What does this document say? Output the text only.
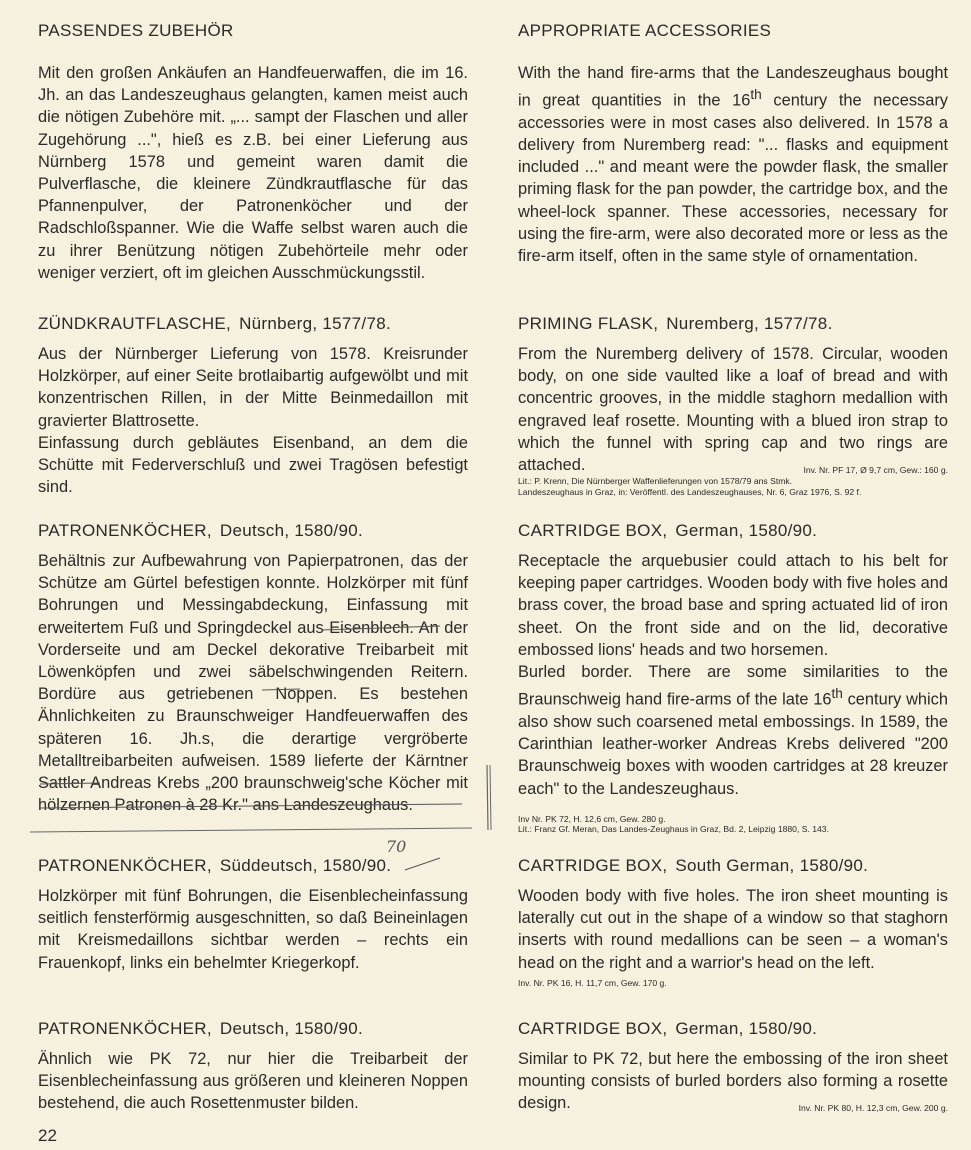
PASSENDES ZUBEHÖR
Mit den großen Ankäufen an Handfeuerwaffen, die im 16. Jh. an das Landeszeughaus gelangten, kamen meist auch die nötigen Zubehöre mit. „... sampt der Flaschen und aller Zugehörung ...", hieß es z.B. bei einer Lieferung aus Nürnberg 1578 und gemeint waren damit die Pulverflasche, die kleinere Zündkrautflasche für das Pfannenpulver, der Patronenköcher und der Radschloßspanner. Wie die Waffe selbst waren auch die zu ihrer Benützung nötigen Zubehörteile mehr oder weniger verziert, oft im gleichen Ausschmückungsstil.
ZÜNDKRAUTFLASCHE, Nürnberg, 1577/78.

Aus der Nürnberger Lieferung von 1578. Kreisrunder Holzkörper, auf einer Seite brotlaibartig aufgewölbt und mit konzentrischen Rillen, in der Mitte Beinmedaillon mit gravierter Blattrosette.

Einfassung durch gebläutes Eisenband, an dem die Schütte mit Federverschluß und zwei Tragösen befestigt sind.

PATRONENKÖCHER, Deutsch, 1580/90.
Behältnis zur Aufbewahrung von Papierpatronen, das der Schütze am Gürtel befestigen konnte. Holzkörper mit fünf Bohrungen und Messingabdeckung, Einfassung mit erweitertem Fuß und Springdeckel aus Eisenblech. An der Vorderseite und am Deckel dekorative Treibarbeit mit Löwenköpfen und zwei säbelschwingenden Reitern. Bordüre aus getriebenen Noppen. Es bestehen Ähnlichkeiten zu Braunschweiger Handfeuerwaffen des späteren 16. Jh.s, die derartige vergröberte Metalltreibarbeiten aufweisen. 1589 lieferte der Kärntner Sattler Andreas Krebs „200 braunschweig'sche Köcher mit hölzernen Patronen à 28 Kr." ans Landeszeughaus.
PATRONENKÖCHER, Süddeutsch, 1580/90.
Holzkörper mit fünf Bohrungen, die Eisenblecheinfassung seitlich fensterförmig ausgeschnitten, so daß Beineinlagen mit Kreismedaillons sichtbar werden – rechts ein Frauenkopf, links ein behelmter Kriegerkopf.
PATRONENKÖCHER, Deutsch, 1580/90.
Ähnlich wie PK 72, nur hier die Treibarbeit der Eisenblecheinfassung aus größeren und kleineren Noppen bestehend, die auch Rosettenmuster bilden.
APPROPRIATE ACCESSORIES
With the hand fire-arms that the Landeszeughaus bought in great quantities in the 16th century the necessary accessories were in most cases also delivered. In 1578 a delivery from Nuremberg read: "... flasks and equipment included ..." and meant were the powder flask, the smaller priming flask for the pan powder, the cartridge box, and the wheel-lock spanner. These accessories, necessary for using the fire-arm, were also decorated more or less as the fire-arm itself, often in the same style of ornamentation.
PRIMING FLASK, Nuremberg, 1577/78.
From the Nuremberg delivery of 1578. Circular, wooden body, on one side vaulted like a loaf of bread and with concentric grooves, in the middle staghorn medallion with engraved leaf rosette. Mounting with a blued iron strap to which the funnel with spring cap and two rings are attached.	Inv. Nr. PF 17, Ø 9,7 cm, Gew.: 160 g.
Lit.: P. Krenn, Die Nürnberger Waffenlieferungen von 1578/79 ans Stmk. Landeszeughaus in Graz, in: Veröffentl. des Landeszeughauses, Nr. 6, Graz 1976, S. 92 f.
CARTRIDGE BOX, German, 1580/90.

Receptacle the arquebusier could attach to his belt for keeping paper cartridges. Wooden body with five holes and brass cover, the broad base and spring actuated lid of iron sheet. On the front side and on the lid, decorative embossed lions' heads and two horsemen.

Burled border. There are some similarities to the Braunschweig hand fire-arms of the late 16th century which also show such coarsened metal embossings. In 1589, the Carinthian leather-worker Andreas Krebs delivered "200 Braunschweig boxes with wooden cartridges at 28 kreuzer each" to the Landeszeughaus.

Inv Nr. PK 72, H. 12,6 cm, Gew. 280 g.
Lit.: Franz Gf. Meran, Das Landes-Zeughaus in Graz, Bd. 2, Leipzig 1880, S. 143.
CARTRIDGE BOX, South German, 1580/90.
Wooden body with five holes. The iron sheet mounting is laterally cut out in the shape of a window so that staghorn inserts with round medallions can be seen – a woman's head on the right and a warrior's head on the left.
Inv. Nr. PK 16, H. 11,7 cm, Gew. 170 g.
CARTRIDGE BOX, German, 1580/90.
Similar to PK 72, but here the embossing of the iron sheet mounting consists of burled borders also forming a rosette design.	Inv. Nr. PK 80, H. 12,3 cm, Gew. 200 g.
70
22
